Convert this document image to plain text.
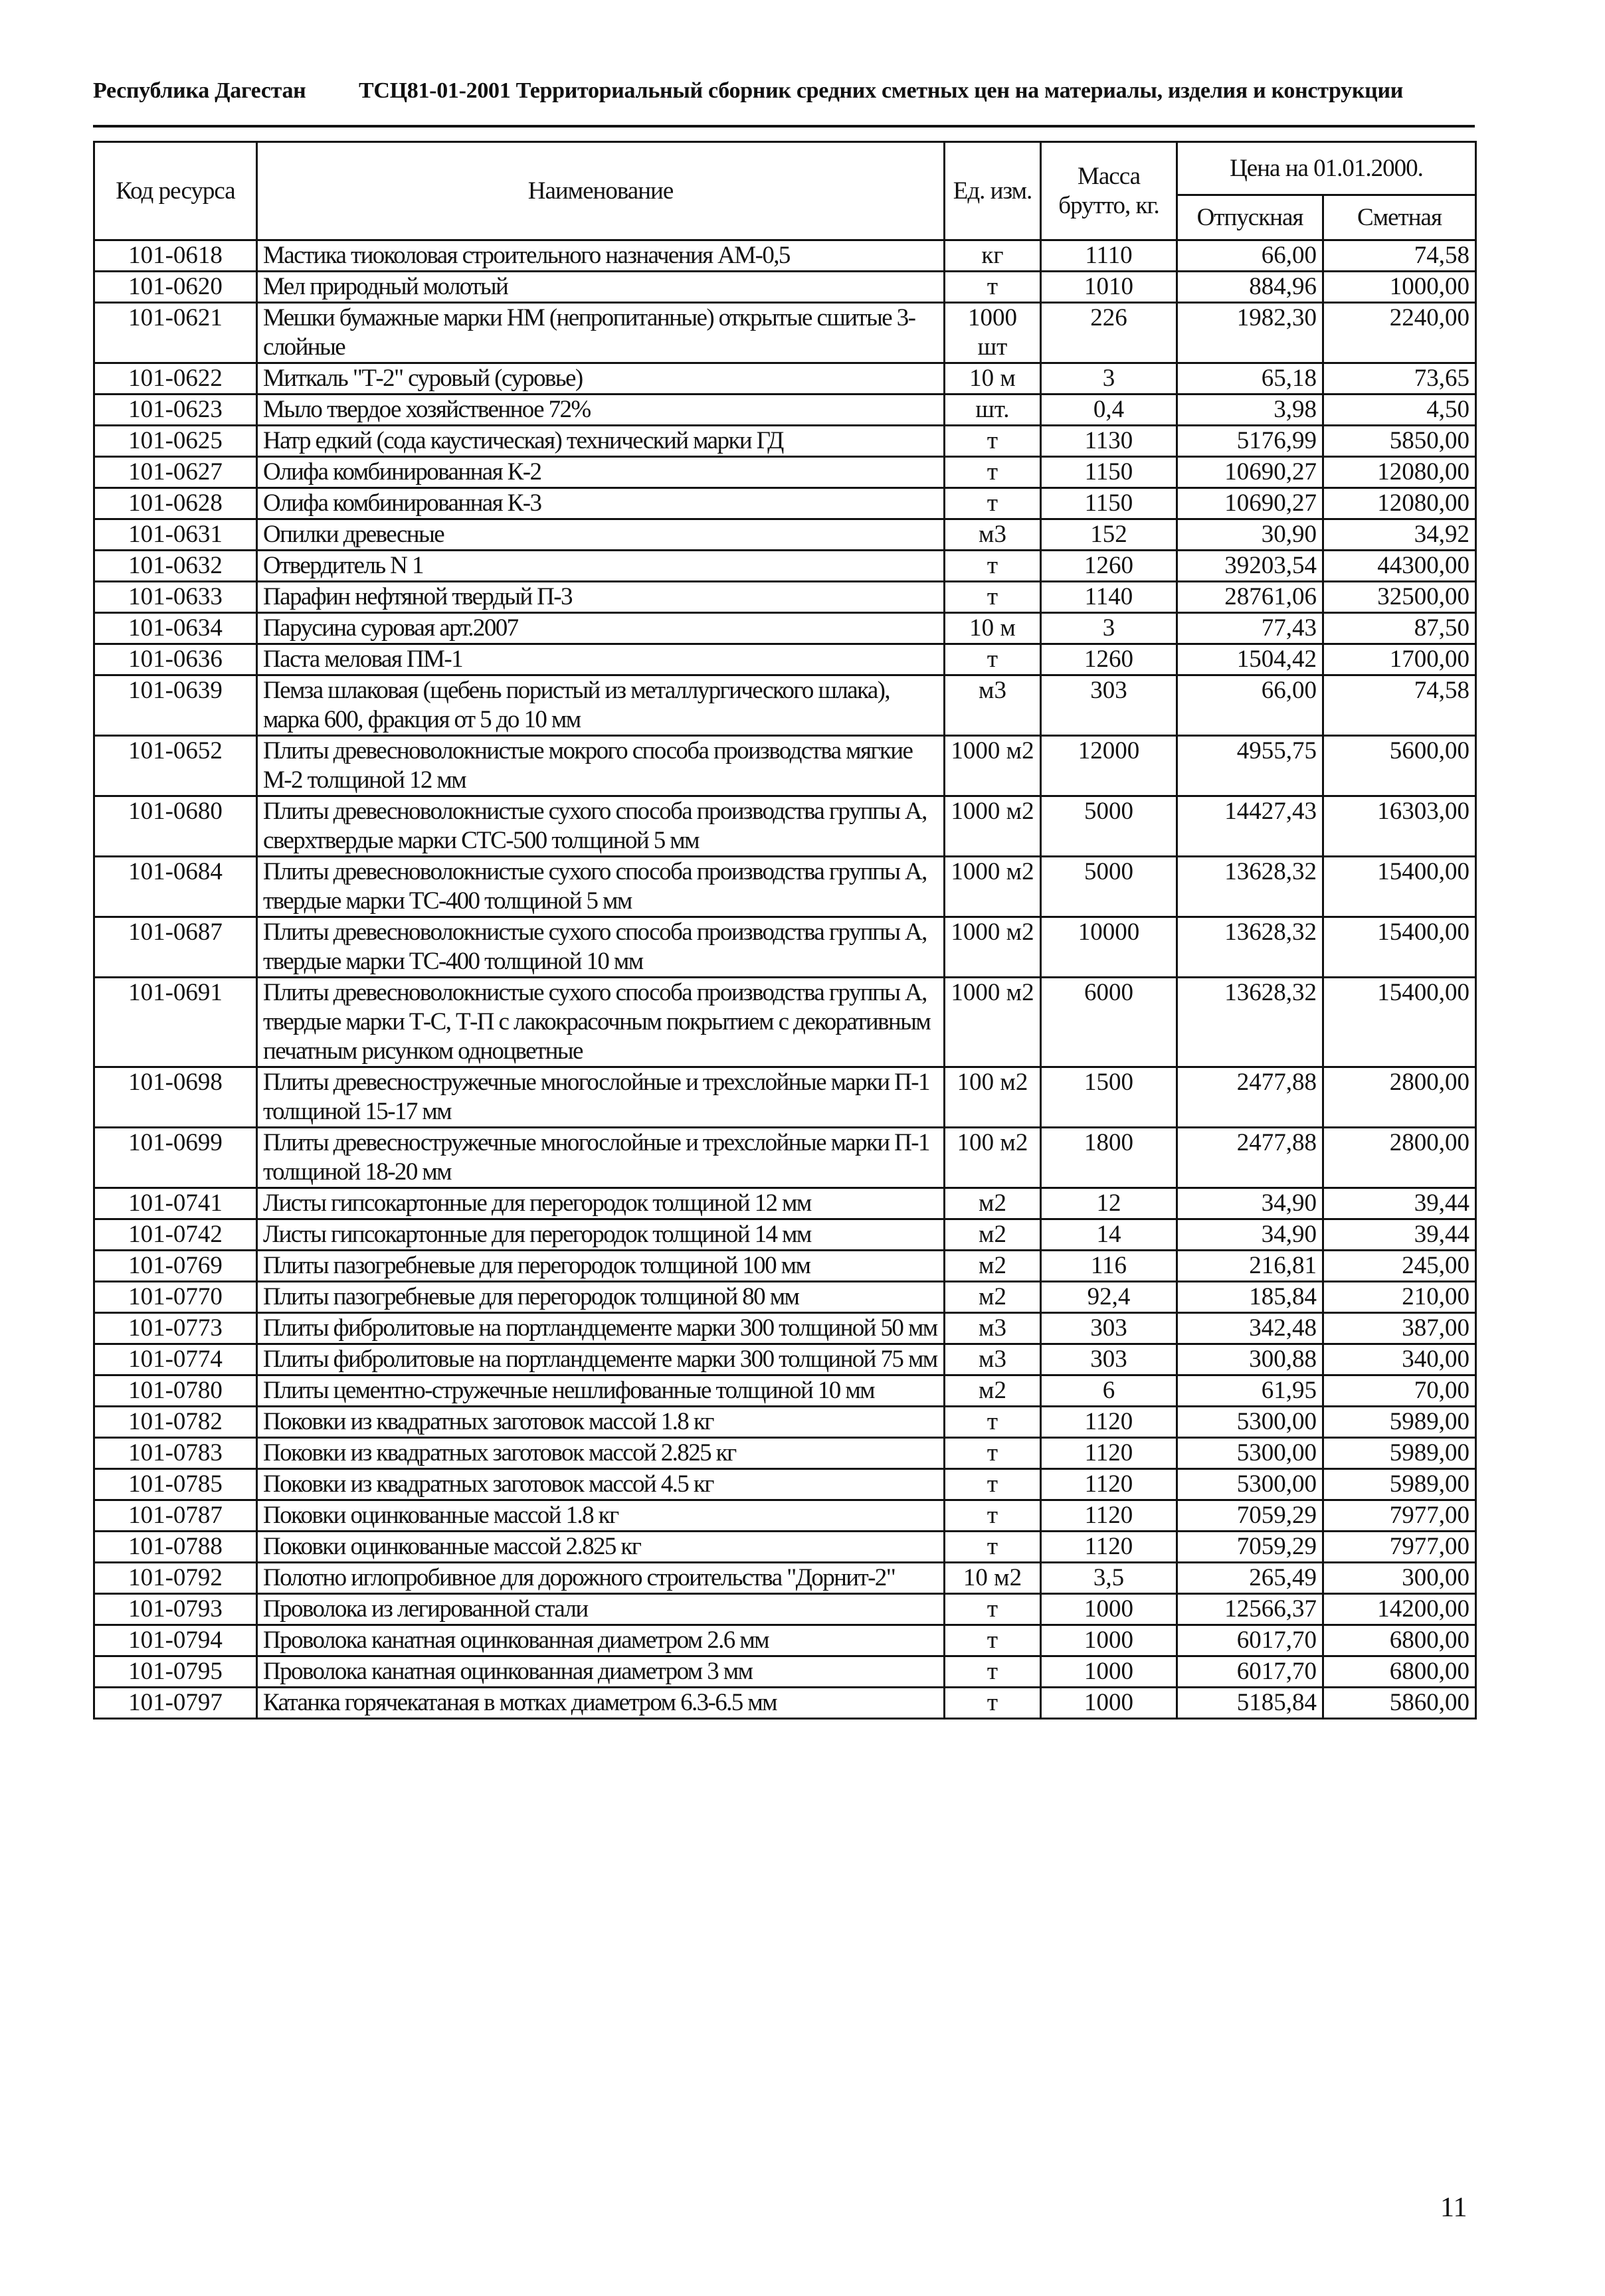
Республика Дагестан ТСЦ81-01-2001 Территориальный сборник средних сметных цен на материалы, изделия и конструкции
Код ресурса	Наименование	Ед. изм.	Масса брутто, кг.	Цена на 01.01.2000.	
				Отпускная	Сметная
101-0618	Мастика тиоколовая строительного назначения АМ-0,5	кг	1110	66,00	74,58
101-0620	Мел природный молотый	т	1010	884,96	1000,00
101-0621	Мешки бумажные марки НМ (непропитанные) открытые сшитые 3-слойные	1000 шт	226	1982,30	2240,00
101-0622	Миткаль "Т-2" суровый (суровье)	10 м	3	65,18	73,65
101-0623	Мыло твердое хозяйственное 72%	шт.	0,4	3,98	4,50
101-0625	Натр едкий (сода каустическая) технический марки ГД	т	1130	5176,99	5850,00
101-0627	Олифа комбинированная К-2	т	1150	10690,27	12080,00
101-0628	Олифа комбинированная К-3	т	1150	10690,27	12080,00
101-0631	Опилки древесные	м3	152	30,90	34,92
101-0632	Отвердитель N 1	т	1260	39203,54	44300,00
101-0633	Парафин нефтяной твердый П-3	т	1140	28761,06	32500,00
101-0634	Парусина суровая арт.2007	10 м	3	77,43	87,50
101-0636	Паста меловая ПМ-1	т	1260	1504,42	1700,00
101-0639	Пемза шлаковая (щебень пористый из металлургического шлака), марка 600, фракция от 5 до 10 мм	м3	303	66,00	74,58
101-0652	Плиты древесноволокнистые мокрого способа производства мягкие М-2 толщиной 12 мм	1000 м2	12000	4955,75	5600,00
101-0680	Плиты древесноволокнистые сухого способа производства группы А, сверхтвердые марки СТС-500 толщиной 5 мм	1000 м2	5000	14427,43	16303,00
101-0684	Плиты древесноволокнистые сухого способа производства группы А, твердые марки ТС-400 толщиной 5 мм	1000 м2	5000	13628,32	15400,00
101-0687	Плиты древесноволокнистые сухого способа производства группы А, твердые марки ТС-400 толщиной 10 мм	1000 м2	10000	13628,32	15400,00
101-0691	Плиты древесноволокнистые сухого способа производства группы А, твердые марки Т-С, Т-П с лакокрасочным покрытием с декоративным печатным рисунком одноцветные	1000 м2	6000	13628,32	15400,00
101-0698	Плиты древесностружечные многослойные и трехслойные марки П-1 толщиной 15-17 мм	100 м2	1500	2477,88	2800,00
101-0699	Плиты древесностружечные многослойные и трехслойные марки П-1 толщиной 18-20 мм	100 м2	1800	2477,88	2800,00
101-0741	Листы гипсокартонные для перегородок толщиной 12 мм	м2	12	34,90	39,44
101-0742	Листы гипсокартонные для перегородок толщиной 14 мм	м2	14	34,90	39,44
101-0769	Плиты пазогребневые для перегородок толщиной 100 мм	м2	116	216,81	245,00
101-0770	Плиты пазогребневые для перегородок толщиной 80 мм	м2	92,4	185,84	210,00
101-0773	Плиты фибролитовые на портландцементе марки 300 толщиной 50 мм	м3	303	342,48	387,00
101-0774	Плиты фибролитовые на портландцементе марки 300 толщиной 75 мм	м3	303	300,88	340,00
101-0780	Плиты цементно-стружечные нешлифованные толщиной 10 мм	м2	6	61,95	70,00
101-0782	Поковки из квадратных заготовок массой 1.8 кг	т	1120	5300,00	5989,00
101-0783	Поковки из квадратных заготовок массой 2.825 кг	т	1120	5300,00	5989,00
101-0785	Поковки из квадратных заготовок массой 4.5 кг	т	1120	5300,00	5989,00
101-0787	Поковки оцинкованные массой 1.8 кг	т	1120	7059,29	7977,00
101-0788	Поковки оцинкованные массой 2.825 кг	т	1120	7059,29	7977,00
101-0792	Полотно иглопробивное для дорожного строительства "Дорнит-2"	10 м2	3,5	265,49	300,00
101-0793	Проволока из легированной стали	т	1000	12566,37	14200,00
101-0794	Проволока канатная оцинкованная диаметром 2.6 мм	т	1000	6017,70	6800,00
101-0795	Проволока канатная оцинкованная диаметром 3 мм	т	1000	6017,70	6800,00
101-0797	Катанка горячекатаная в мотках диаметром 6.3-6.5 мм	т	1000	5185,84	5860,00
11
